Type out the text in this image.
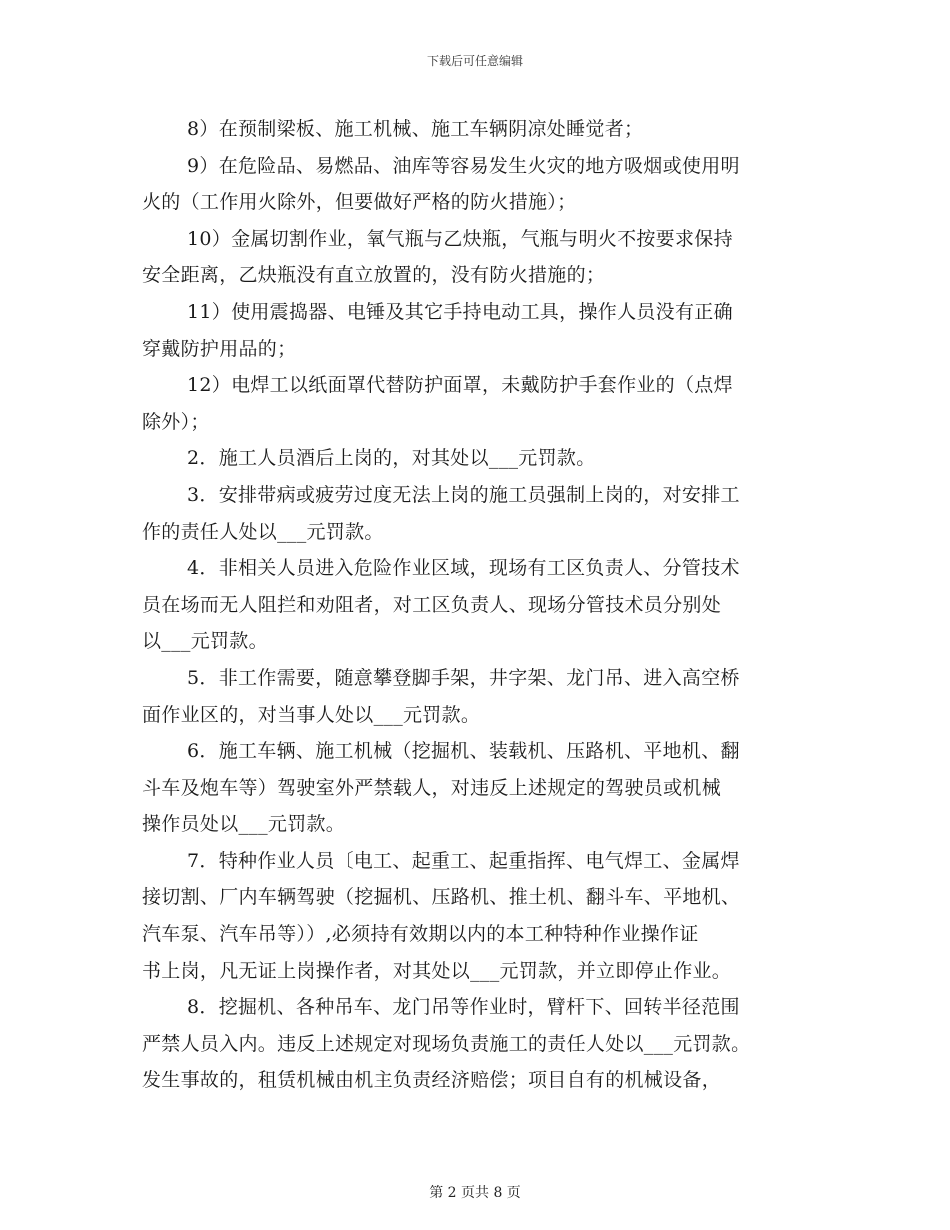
下载后可任意编辑
8）在预制梁板、施工机械、施工车辆阴凉处睡觉者；
9）在危险品、易燃品、油库等容易发生火灾的地方吸烟或使用明
火的（工作用火除外，但要做好严格的防火措施）；
10）金属切割作业，氧气瓶与乙炔瓶，气瓶与明火不按要求保持
安全距离，乙炔瓶没有直立放置的，没有防火措施的；
11）使用震捣器、电锤及其它手持电动工具，操作人员没有正确
穿戴防护用品的；
12）电焊工以纸面罩代替防护面罩，未戴防护手套作业的（点焊
除外）；
2．施工人员酒后上岗的，对其处以___元罚款。
3．安排带病或疲劳过度无法上岗的施工员强制上岗的，对安排工
作的责任人处以___元罚款。
4．非相关人员进入危险作业区域，现场有工区负责人、分管技术
员在场而无人阻拦和劝阻者，对工区负责人、现场分管技术员分别处
以___元罚款。
5．非工作需要，随意攀登脚手架，井字架、龙门吊、进入高空桥
面作业区的，对当事人处以___元罚款。
6．施工车辆、施工机械（挖掘机、装载机、压路机、平地机、翻
斗车及炮车等）驾驶室外严禁载人，对违反上述规定的驾驶员或机械
操作员处以___元罚款。
7．特种作业人员〔电工、起重工、起重指挥、电气焊工、金属焊
接切割、厂内车辆驾驶（挖掘机、压路机、推土机、翻斗车、平地机、
汽车泵、汽车吊等））,必须持有效期以内的本工种特种作业操作证
书上岗，凡无证上岗操作者，对其处以___元罚款，并立即停止作业。
8．挖掘机、各种吊车、龙门吊等作业时，臂杆下、回转半径范围
严禁人员入内。违反上述规定对现场负责施工的责任人处以___元罚款。
发生事故的，租赁机械由机主负责经济赔偿；项目自有的机械设备，
第 2 页共 8 页
